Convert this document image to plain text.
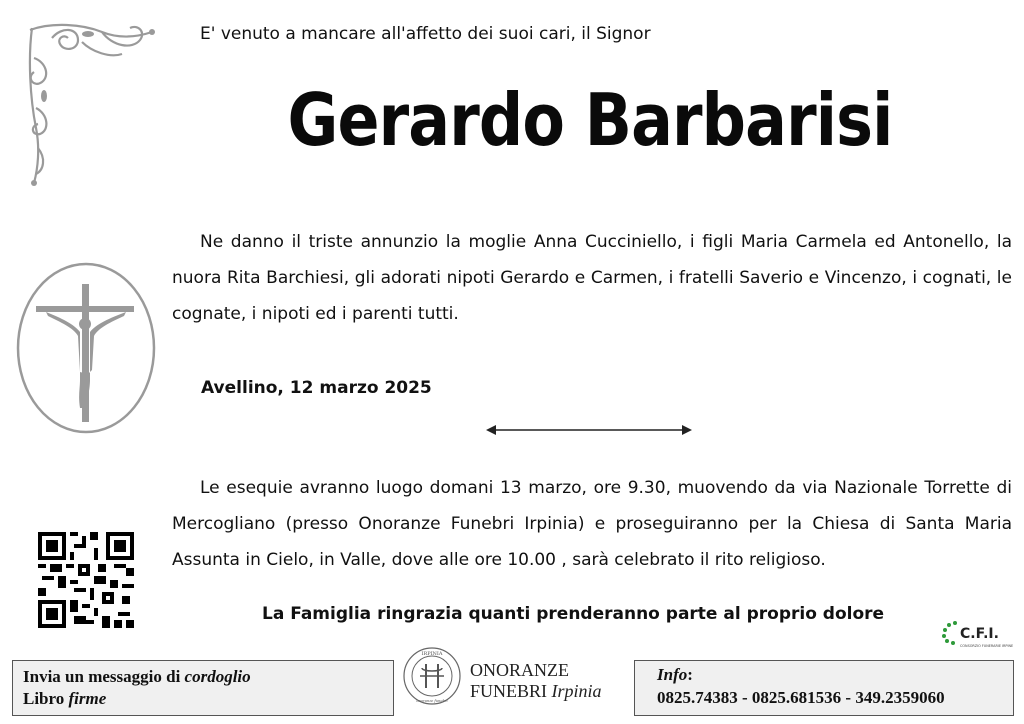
E' venuto a mancare all'affetto dei suoi cari, il Signor
Gerardo Barbarisi
Ne danno il triste annunzio la moglie Anna Cucciniello, i figli Maria Carmela ed Antonello, la nuora Rita Barchiesi, gli adorati nipoti Gerardo e Carmen, i fratelli Saverio e Vincenzo, i cognati, le cognate, i nipoti ed i parenti tutti.
Avellino, 12 marzo 2025
Le esequie avranno luogo domani 13 marzo, ore 9.30, muovendo da via Nazionale Torrette di Mercogliano (presso Onoranze Funebri Irpinia) e proseguiranno per la Chiesa di Santa Maria Assunta in Cielo, in Valle, dove alle ore 10.00 , sarà celebrato il rito religioso.
La Famiglia ringrazia quanti prenderanno parte al proprio dolore
C.F.I.
CONSORZIO FUNERARIE IRPINE
Invia un messaggio di cordoglio
Libro firme
IRPINIA
onoranze funebri
ONORANZE
FUNEBRI Irpinia
Info:
0825.74383 - 0825.681536 - 349.2359060
